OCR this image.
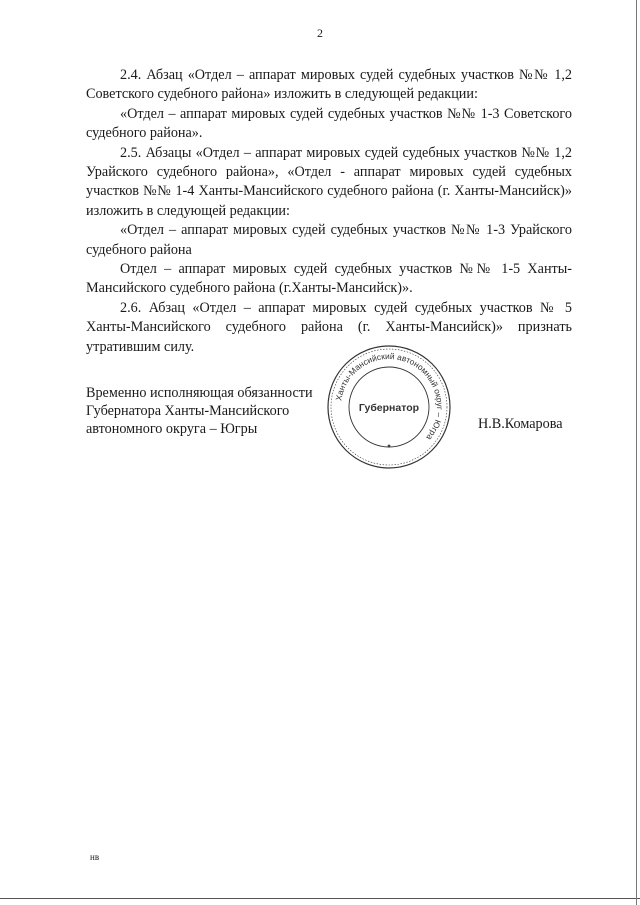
2

2.4. Абзац «Отдел – аппарат мировых судей судебных участков №№ 1,2 Советского судебного района» изложить в следующей редакции:

«Отдел – аппарат мировых судей судебных участков №№ 1-3 Советского судебного района».

2.5. Абзацы «Отдел – аппарат мировых судей судебных участков №№ 1,2 Урайского судебного района», «Отдел - аппарат мировых судей судебных участков №№ 1-4 Ханты-Мансийского судебного района (г. Ханты-Мансийск)» изложить в следующей редакции:

«Отдел – аппарат мировых судей судебных участков №№ 1-3 Урайского судебного района

Отдел – аппарат мировых судей судебных участков №№ 1-5 Ханты-Мансийского судебного района (г.Ханты-Мансийск)».

2.6. Абзац «Отдел – аппарат мировых судей судебных участков № 5 Ханты-Мансийского судебного района (г. Ханты-Мансийск)» признать утратившим силу.

Временно исполняющая обязанности
Губернатора Ханты-Мансийского
автономного округа – Югры
Ханты-Мансийский автономный округ – Югра
Губернатор
✦
Н.В.Комарова
нв
